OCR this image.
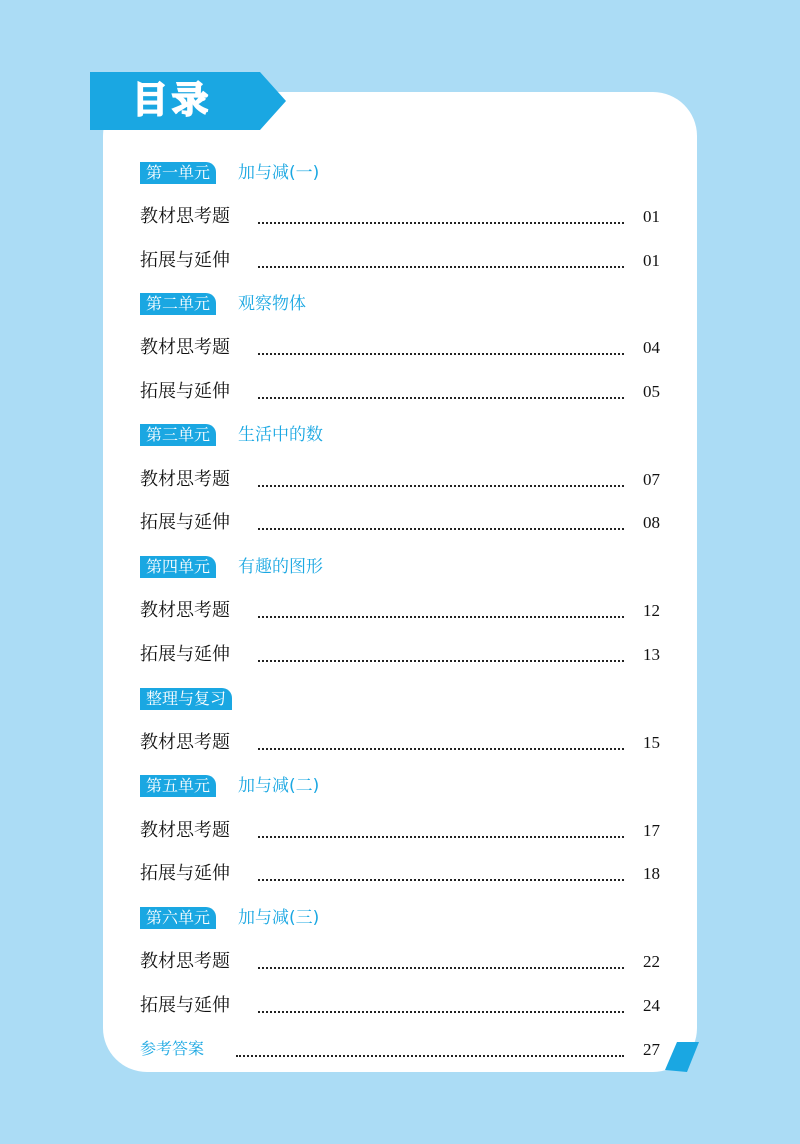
目录
第一单元	加与减(一)
教材思考题	01
拓展与延伸	01
第二单元	观察物体
教材思考题	04
拓展与延伸	05
第三单元	生活中的数
教材思考题	07
拓展与延伸	08
第四单元	有趣的图形
教材思考题	12
拓展与延伸	13
整理与复习
教材思考题	15
第五单元	加与减(二)
教材思考题	17
拓展与延伸	18
第六单元	加与减(三)
教材思考题	22
拓展与延伸	24
参考答案	27
